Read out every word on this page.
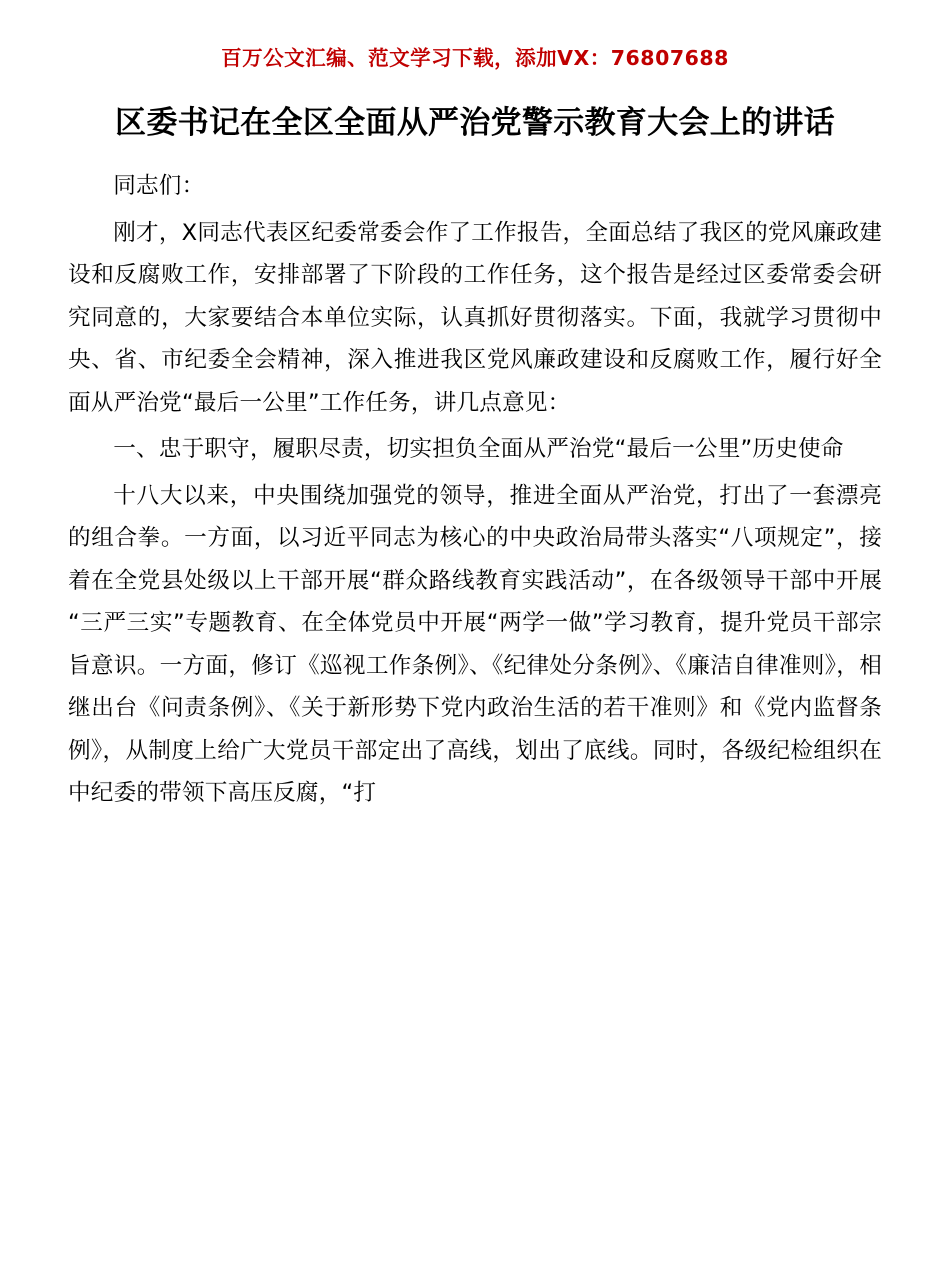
百万公文汇编、范文学习下载，添加VX：76807688
区委书记在全区全面从严治党警示教育大会上的讲话

同志们：

刚才，X同志代表区纪委常委会作了工作报告，全面总结了我区的党风廉政建设和反腐败工作，安排部署了下阶段的工作任务，这个报告是经过区委常委会研究同意的，大家要结合本单位实际，认真抓好贯彻落实。下面，我就学习贯彻中央、省、市纪委全会精神，深入推进我区党风廉政建设和反腐败工作，履行好全面从严治党“最后一公里”工作任务，讲几点意见：

一、忠于职守，履职尽责，切实担负全面从严治党“最后一公里”历史使命

十八大以来，中央围绕加强党的领导，推进全面从严治党，打出了一套漂亮的组合拳。一方面，以习近平同志为核心的中央政治局带头落实“八项规定”，接着在全党县处级以上干部开展“群众路线教育实践活动”，在各级领导干部中开展“三严三实”专题教育、在全体党员中开展“两学一做”学习教育，提升党员干部宗旨意识。一方面，修订《巡视工作条例》、《纪律处分条例》、《廉洁自律准则》，相继出台《问责条例》、《关于新形势下党内政治生活的若干准则》和《党内监督条例》，从制度上给广大党员干部定出了高线，划出了底线。同时，各级纪检组织在中纪委的带领下高压反腐，“打
